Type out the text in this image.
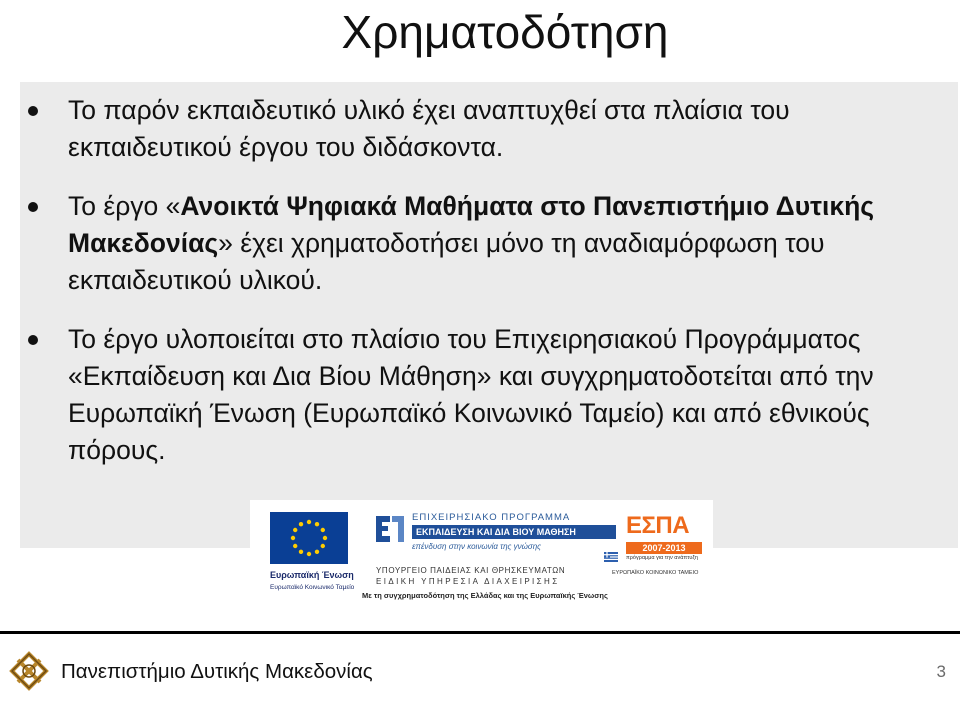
Χρηματοδότηση
Το παρόν εκπαιδευτικό υλικό έχει αναπτυχθεί στα πλαίσια του εκπαιδευτικού έργου του διδάσκοντα.
Το έργο «Ανοικτά Ψηφιακά Μαθήματα στο Πανεπιστήμιο Δυτικής Μακεδονίας» έχει χρηματοδοτήσει μόνο τη αναδιαμόρφωση του εκπαιδευτικού υλικού.
Το έργο υλοποιείται στο πλαίσιο του Επιχειρησιακού Προγράμματος «Εκπαίδευση και Δια Βίου Μάθηση» και συγχρηματοδοτείται από την Ευρωπαϊκή Ένωση (Ευρωπαϊκό Κοινωνικό Ταμείο) και από εθνικούς πόρους.
Ευρωπαϊκή Ένωση
Ευρωπαϊκό Κοινωνικό Ταμείο
ΕΠΙΧΕΙΡΗΣΙΑΚΟ ΠΡΟΓΡΑΜΜΑ
ΕΚΠΑΙΔΕΥΣΗ ΚΑΙ ΔΙΑ ΒΙΟΥ ΜΑΘΗΣΗ
επένδυση στην κοινωνία της γνώσης
ΥΠΟΥΡΓΕΙΟ ΠΑΙΔΕΙΑΣ ΚΑΙ ΘΡΗΣΚΕΥΜΑΤΩΝ
ΕΙΔΙΚΗ ΥΠΗΡΕΣΙΑ ΔΙΑΧΕΙΡΙΣΗΣ
Με τη συγχρηματοδότηση της Ελλάδας και της Ευρωπαϊκής Ένωσης
ΕΣΠΑ
2007-2013
πρόγραμμα για την ανάπτυξη
ΕΥΡΩΠΑΪΚΟ ΚΟΙΝΩΝΙΚΟ ΤΑΜΕΙΟ
Πανεπιστήμιο Δυτικής Μακεδονίας	3
